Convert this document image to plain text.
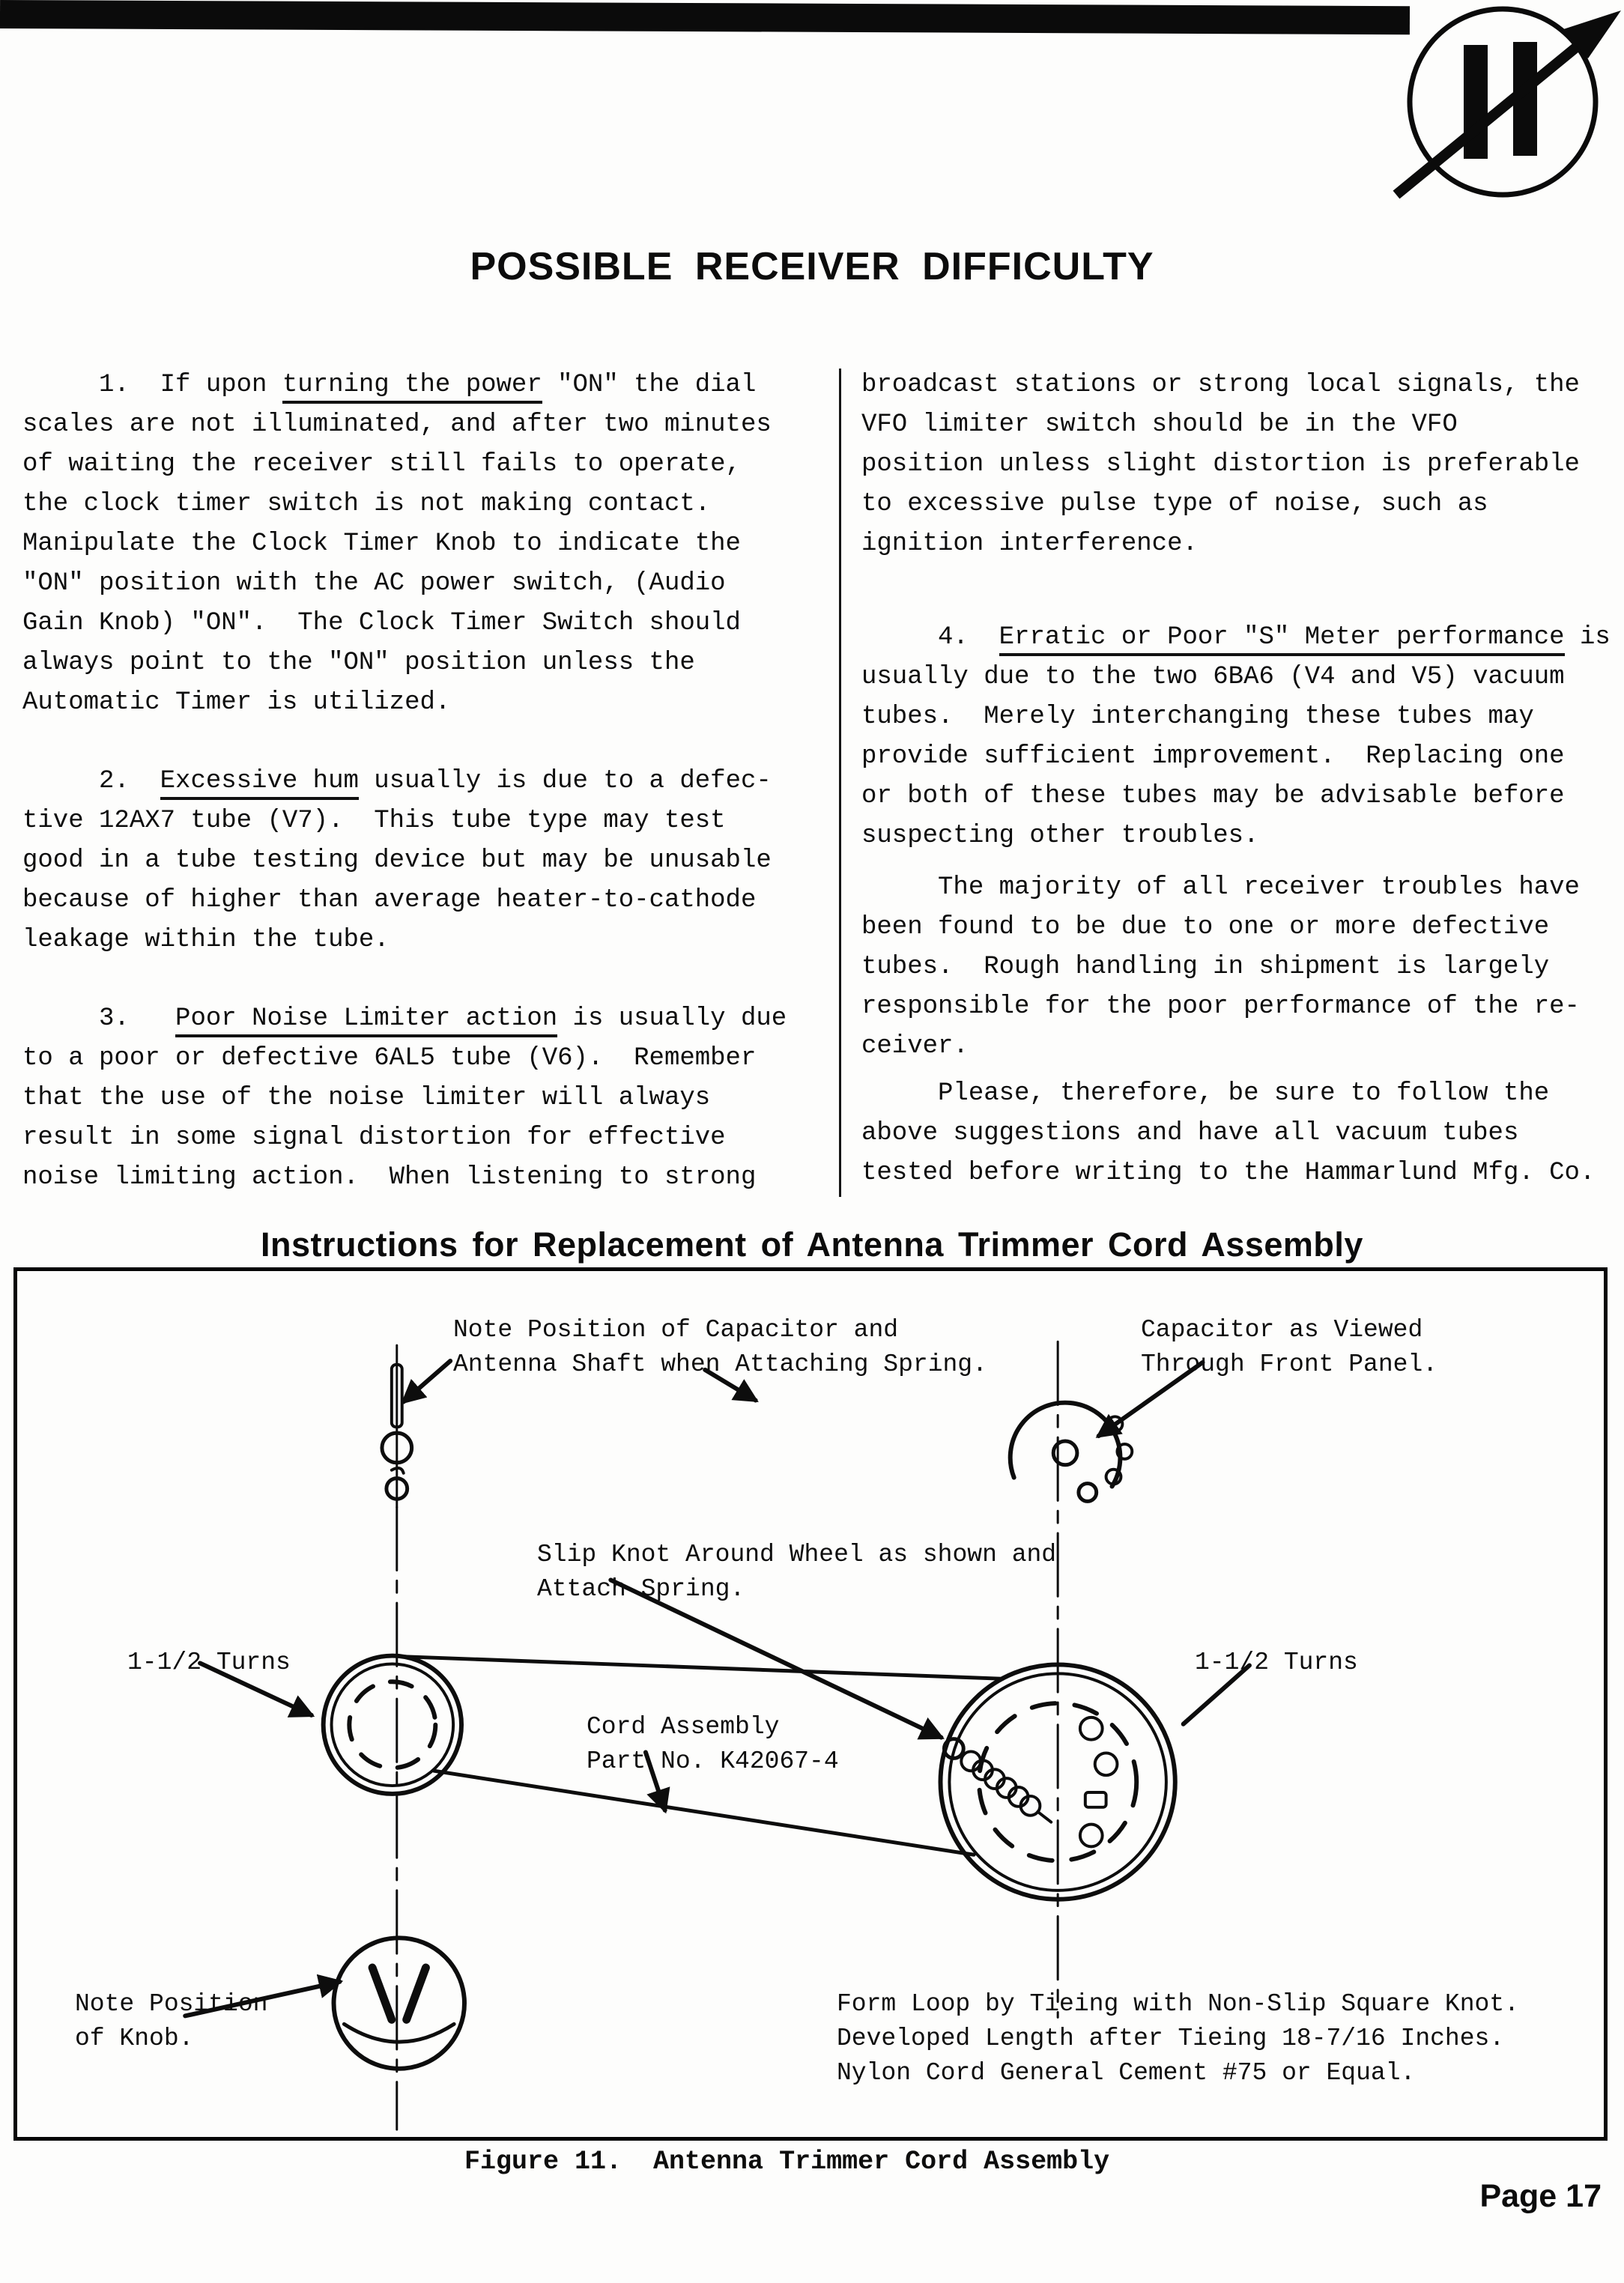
POSSIBLE RECEIVER DIFFICULTY

1.  If upon turning the power "ON" the dial
scales are not illuminated, and after two minutes
of waiting the receiver still fails to operate,
the clock timer switch is not making contact.
Manipulate the Clock Timer Knob to indicate the
"ON" position with the AC power switch, (Audio
Gain Knob) "ON".  The Clock Timer Switch should
always point to the "ON" position unless the
Automatic Timer is utilized.

2.  Excessive hum usually is due to a defec-
tive 12AX7 tube (V7).  This tube type may test
good in a tube testing device but may be unusable
because of higher than average heater-to-cathode
leakage within the tube.

3.   Poor Noise Limiter action is usually due
to a poor or defective 6AL5 tube (V6).  Remember
that the use of the noise limiter will always
result in some signal distortion for effective
noise limiting action.  When listening to strong

broadcast stations or strong local signals, the
VFO limiter switch should be in the VFO
position unless slight distortion is preferable
to excessive pulse type of noise, such as
ignition interference.

4.  Erratic or Poor "S" Meter performance is
usually due to the two 6BA6 (V4 and V5) vacuum
tubes.  Merely interchanging these tubes may
provide sufficient improvement.  Replacing one
or both of these tubes may be advisable before
suspecting other troubles.

The majority of all receiver troubles have
been found to be due to one or more defective
tubes.  Rough handling in shipment is largely
responsible for the poor performance of the re-
ceiver.

Please, therefore, be sure to follow the
above suggestions and have all vacuum tubes
tested before writing to the Hammarlund Mfg. Co.

Instructions for Replacement of Antenna Trimmer Cord Assembly
Note Position of Capacitor and
Antenna Shaft when Attaching Spring.
Capacitor as Viewed
Through Front Panel.
Slip Knot Around Wheel as shown and
Attach Spring.
1-1/2 Turns	1-1/2 Turns
Cord Assembly
Part No. K42067-4
Note Position
of Knob.
Form Loop by Tieing with Non-Slip Square Knot.
Developed Length after Tieing 18-7/16 Inches.
Nylon Cord General Cement #75 or Equal.
Figure 11.  Antenna Trimmer Cord Assembly
Page 17
